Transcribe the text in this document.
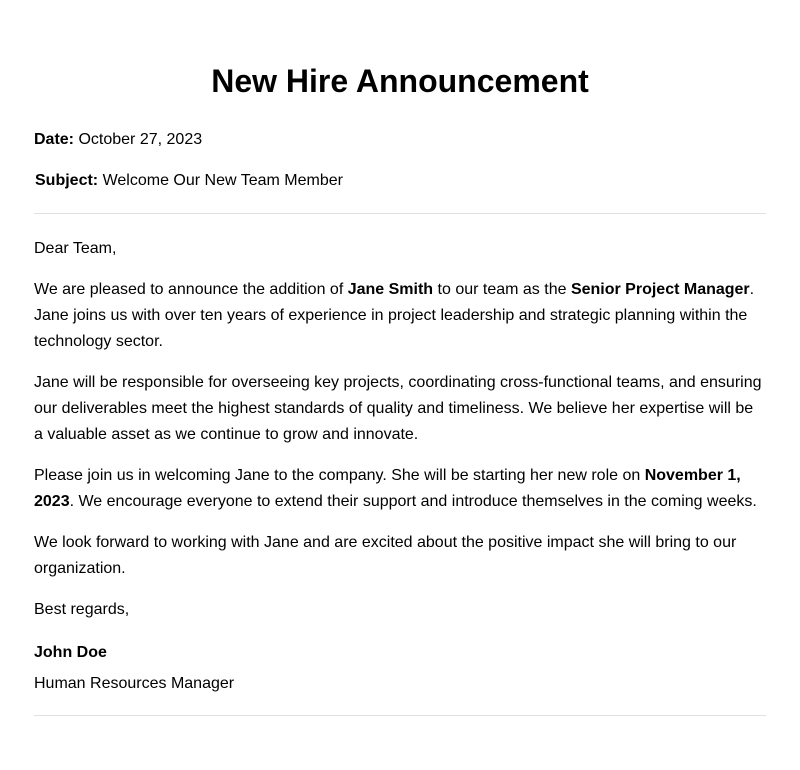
New Hire Announcement

Date: October 27, 2023

Subject: Welcome Our New Team Member

Dear Team,

We are pleased to announce the addition of Jane Smith to our team as the Senior Project Manager. Jane joins us with over ten years of experience in project leadership and strategic planning within the technology sector.

Jane will be responsible for overseeing key projects, coordinating cross-functional teams, and ensuring our deliverables meet the highest standards of quality and timeliness. We believe her expertise will be a valuable asset as we continue to grow and innovate.

Please join us in welcoming Jane to the company. She will be starting her new role on November 1, 2023. We encourage everyone to extend their support and introduce themselves in the coming weeks.

We look forward to working with Jane and are excited about the positive impact she will bring to our organization.

Best regards,

John Doe

Human Resources Manager
